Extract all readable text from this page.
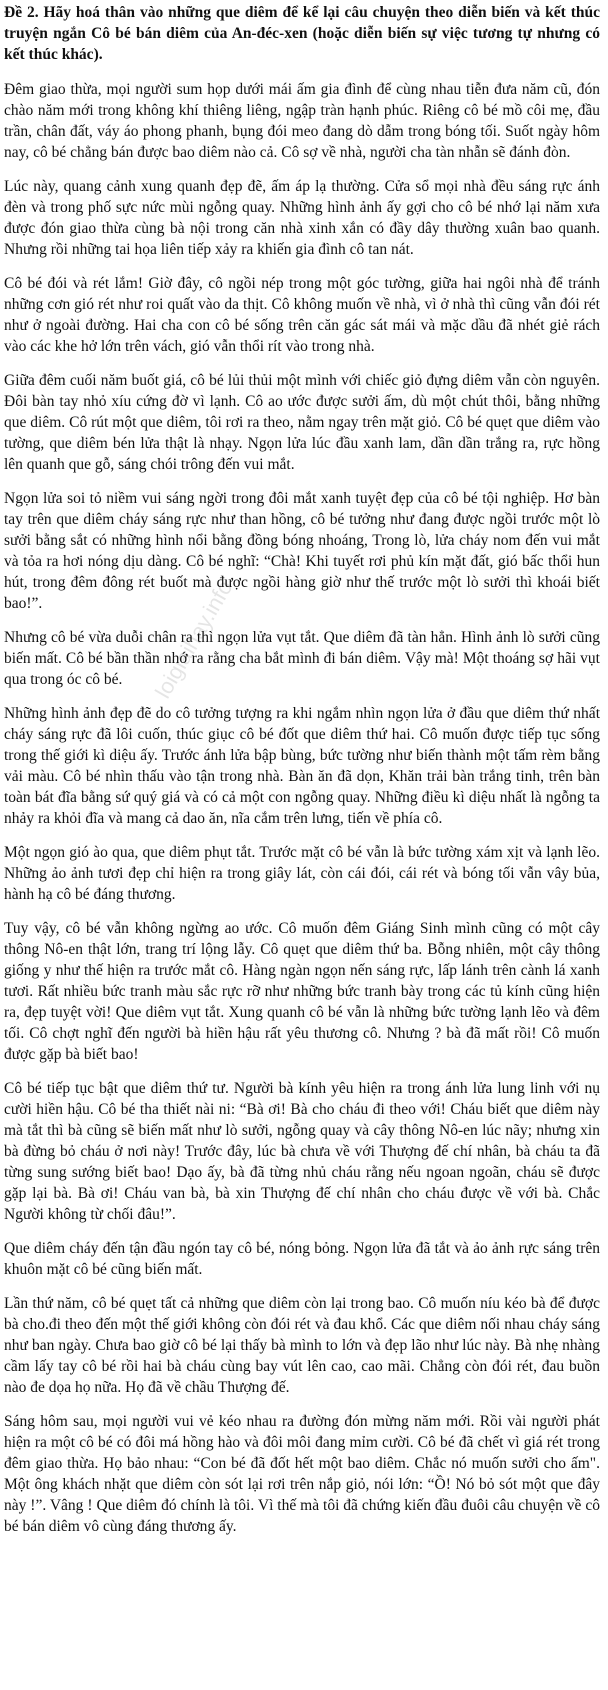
Đề 2. Hãy hoá thân vào những que diêm để kể lại câu chuyện theo diễn biến và kết thúc truyện ngắn Cô bé bán diêm của An-đéc-xen (hoặc diễn biến sự việc tương tự nhưng có kết thúc khác).
Đêm giao thừa, mọi người sum họp dưới mái ấm gia đình để cùng nhau tiễn đưa năm cũ, đón chào năm mới trong không khí thiêng liêng, ngập tràn hạnh phúc. Riêng cô bé mồ côi mẹ, đầu trần, chân đất, váy áo phong phanh, bụng đói meo đang dò dẫm trong bóng tối. Suốt ngày hôm nay, cô bé chẳng bán được bao diêm nào cả. Cô sợ về nhà, người cha tàn nhẫn sẽ đánh đòn.
Lúc này, quang cảnh xung quanh đẹp đẽ, ấm áp lạ thường. Cửa sổ mọi nhà đều sáng rực ánh đèn và trong phố sực nức mùi ngỗng quay. Những hình ảnh ấy gợi cho cô bé nhớ lại năm xưa được đón giao thừa cùng bà nội trong căn nhà xinh xắn có đầy dây thường xuân bao quanh. Nhưng rồi những tai họa liên tiếp xảy ra khiến gia đình cô tan nát.
Cô bé đói và rét lắm! Giờ đây, cô ngồi nép trong một góc tường, giữa hai ngôi nhà để tránh những cơn gió rét như roi quất vào da thịt. Cô không muốn về nhà, vì ở nhà thì cũng vẫn đói rét như ở ngoài đường. Hai cha con cô bé sống trên căn gác sát mái và mặc dầu đã nhét giẻ rách vào các khe hở lớn trên vách, gió vẫn thổi rít vào trong nhà.
Giữa đêm cuối năm buốt giá, cô bé lủi thủi một mình với chiếc giỏ đựng diêm vẫn còn nguyên. Đôi bàn tay nhỏ xíu cứng đờ vì lạnh. Cô ao ước được sưởi ấm, dù một chút thôi, bằng những que diêm. Cô rút một que diêm, tôi rơi ra theo, nằm ngay trên mặt giỏ. Cô bé quẹt que diêm vào tường, que diêm bén lửa thật là nhạy. Ngọn lửa lúc đầu xanh lam, dần dần trắng ra, rực hồng lên quanh que gỗ, sáng chói trông đến vui mắt.
Ngọn lửa soi tỏ niềm vui sáng ngời trong đôi mắt xanh tuyệt đẹp của cô bé tội nghiệp. Hơ bàn tay trên que diêm cháy sáng rực như than hồng, cô bé tưởng như đang được ngồi trước một lò sưởi bằng sắt có những hình nổi bằng đồng bóng nhoáng, Trong lò, lửa cháy nom đến vui mắt và tỏa ra hơi nóng dịu dàng. Cô bé nghĩ: “Chà! Khi tuyết rơi phủ kín mặt đất, gió bấc thổi hun hút, trong đêm đông rét buốt mà được ngồi hàng giờ như thế trước một lò sưởi thì khoái biết bao!”.
Nhưng cô bé vừa duỗi chân ra thì ngọn lửa vụt tắt. Que diêm đã tàn hẳn. Hình ảnh lò sưởi cũng biến mất. Cô bé bần thần nhớ ra rằng cha bắt mình đi bán diêm. Vậy mà! Một thoáng sợ hãi vụt qua trong óc cô bé.
Những hình ảnh đẹp đẽ do cô tưởng tượng ra khi ngắm nhìn ngọn lửa ở đầu que diêm thứ nhất cháy sáng rực đã lôi cuốn, thúc giục cô bé đốt que diêm thứ hai. Cô muốn được tiếp tục sống trong thế giới kì diệu ấy. Trước ánh lửa bập bùng, bức tường như biến thành một tấm rèm bằng vải màu. Cô bé nhìn thấu vào tận trong nhà. Bàn ăn đã dọn, Khăn trải bàn trắng tinh, trên bàn toàn bát đĩa bằng sứ quý giá và có cả một con ngỗng quay. Những điều kì diệu nhất là ngỗng ta nhảy ra khỏi đĩa và mang cả dao ăn, nĩa cắm trên lưng, tiến về phía cô.
Một ngọn gió ào qua, que diêm phụt tắt. Trước mặt cô bé vẫn là bức tường xám xịt và lạnh lẽo. Những ảo ảnh tươi đẹp chỉ hiện ra trong giây lát, còn cái đói, cái rét và bóng tối vẫn vây bủa, hành hạ cô bé đáng thương.
Tuy vậy, cô bé vẫn không ngừng ao ước. Cô muốn đêm Giáng Sinh mình cũng có một cây thông Nô-en thật lớn, trang trí lộng lẫy. Cô quẹt que diêm thứ ba. Bỗng nhiên, một cây thông giống y như thế hiện ra trước mắt cô. Hàng ngàn ngọn nến sáng rực, lấp lánh trên cành lá xanh tươi. Rất nhiều bức tranh màu sắc rực rỡ như những bức tranh bày trong các tủ kính cũng hiện ra, đẹp tuyệt vời! Que diêm vụt tắt. Xung quanh cô bé vẫn là những bức tường lạnh lẽo và đêm tối. Cô chợt nghĩ đến người bà hiền hậu rất yêu thương cô. Nhưng ? bà đã mất rồi! Cô muốn được gặp bà biết bao!
Cô bé tiếp tục bật que diêm thứ tư. Người bà kính yêu hiện ra trong ánh lửa lung linh với nụ cười hiền hậu. Cô bé tha thiết nài ni: “Bà ơi! Bà cho cháu đi theo với! Cháu biết que diêm này mà tắt thì bà cũng sẽ biến mất như lò sưởi, ngỗng quay và cây thông Nô-en lúc nãy; nhưng xin bà đừng bỏ cháu ở nơi này! Trước đây, lúc bà chưa về với Thượng đế chí nhân, bà cháu ta đã từng sung sướng biết bao! Dạo ấy, bà đã từng nhủ cháu rằng nếu ngoan ngoãn, cháu sẽ được gặp lại bà. Bà ơi! Cháu van bà, bà xin Thượng đế chí nhân cho cháu được về với bà. Chắc Người không từ chối đâu!”.
Que diêm cháy đến tận đầu ngón tay cô bé, nóng bỏng. Ngọn lửa đã tắt và ảo ảnh rực sáng trên khuôn mặt cô bé cũng biến mất.
Lần thứ năm, cô bé quẹt tất cả những que diêm còn lại trong bao. Cô muốn níu kéo bà để được bà cho.đi theo đến một thế giới không còn đói rét và đau khổ. Các que diêm nối nhau cháy sáng như ban ngày. Chưa bao giờ cô bé lại thấy bà mình to lớn và đẹp lão như lúc này. Bà nhẹ nhàng cầm lấy tay cô bé rồi hai bà cháu cùng bay vút lên cao, cao mãi. Chẳng còn đói rét, đau buồn nào đe dọa họ nữa. Họ đã về chầu Thượng đế.
Sáng hôm sau, mọi người vui vẻ kéo nhau ra đường đón mừng năm mới. Rồi vài người phát hiện ra một cô bé có đôi má hồng hào và đôi môi đang mỉm cười. Cô bé đã chết vì giá rét trong đêm giao thừa. Họ bảo nhau: “Con bé đã đốt hết một bao diêm. Chắc nó muốn sưởi cho ấm". Một ông khách nhặt que diêm còn sót lại rơi trên nắp giỏ, nói lớn: “Ồ! Nó bỏ sót một que đây này !”. Vâng ! Que diêm đó chính là tôi. Vì thế mà tôi đã chứng kiến đầu đuôi câu chuyện về cô bé bán diêm vô cùng đáng thương ấy.
loigiaihay.info
